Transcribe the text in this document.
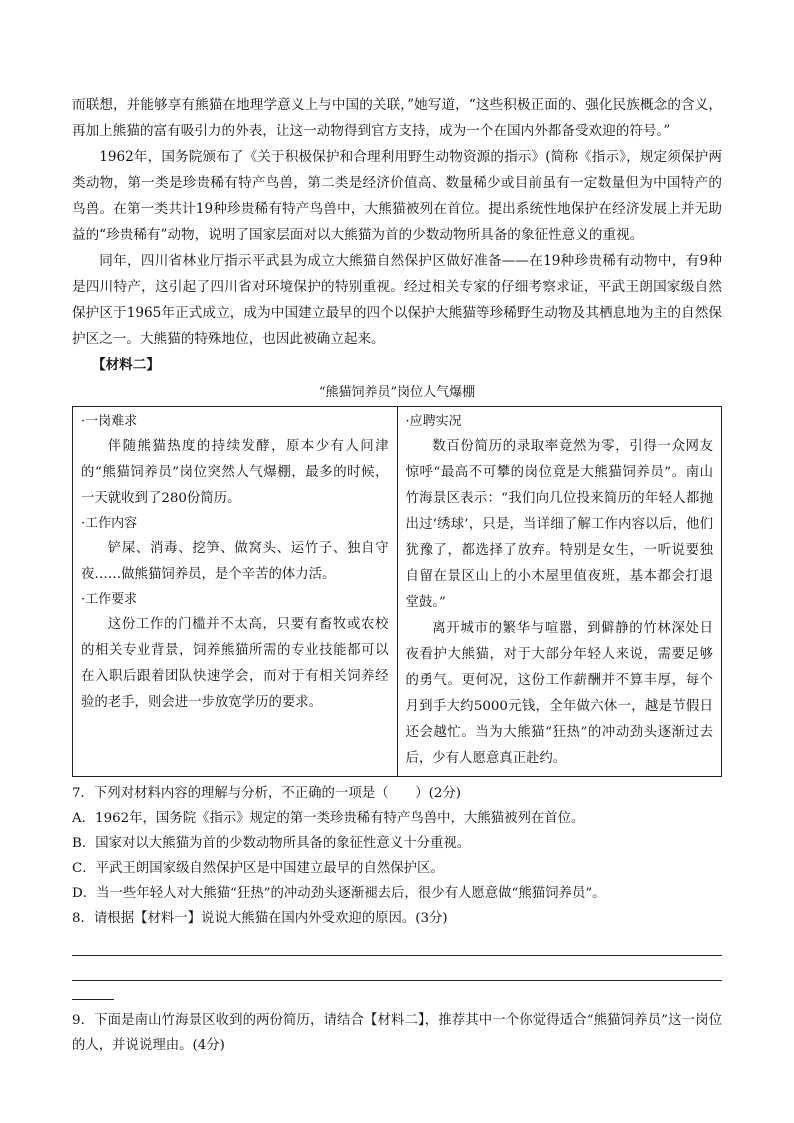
而联想，并能够享有熊猫在地理学意义上与中国的关联，”她写道，“这些积极正面的、强化民族概念的含义，再加上熊猫的富有吸引力的外表，让这一动物得到官方支持，成为一个在国内外都备受欢迎的符号。”

1962年，国务院颁布了《关于积极保护和合理利用野生动物资源的指示》(简称《指示》，规定须保护两类动物，第一类是珍贵稀有特产鸟兽，第二类是经济价值高、数量稀少或目前虽有一定数量但为中国特产的鸟兽。在第一类共计19种珍贵稀有特产鸟兽中，大熊猫被列在首位。提出系统性地保护在经济发展上并无助益的“珍贵稀有”动物，说明了国家层面对以大熊猫为首的少数动物所具备的象征性意义的重视。

同年，四川省林业厅指示平武县为成立大熊猫自然保护区做好准备——在19种珍贵稀有动物中，有9种是四川特产，这引起了四川省对环境保护的特别重视。经过相关专家的仔细考察求证，平武王朗国家级自然保护区于1965年正式成立，成为中国建立最早的四个以保护大熊猫等珍稀野生动物及其栖息地为主的自然保护区之一。大熊猫的特殊地位，也因此被确立起来。

【材料二】
“熊猫饲养员”岗位人气爆棚
·一岗难求

伴随熊猫热度的持续发酵，原本少有人问津的“熊猫饲养员”岗位突然人气爆棚，最多的时候，一天就收到了280份简历。

·工作内容

铲屎、消毒、挖笋、做窝头、运竹子、独自守夜……做熊猫饲养员，是个辛苦的体力活。

·工作要求

这份工作的门槛并不太高，只要有畜牧或农校的相关专业背景，饲养熊猫所需的专业技能都可以在入职后跟着团队快速学会，而对于有相关饲养经验的老手，则会进一步放宽学历的要求。

·应聘实况

数百份简历的录取率竟然为零，引得一众网友惊呼“最高不可攀的岗位竟是大熊猫饲养员”。南山竹海景区表示：“我们向几位投来简历的年轻人都抛出过‘绣球’，只是，当详细了解工作内容以后，他们犹豫了，都选择了放弃。特别是女生，一听说要独自留在景区山上的小木屋里值夜班，基本都会打退堂鼓。”

离开城市的繁华与喧嚣，到僻静的竹林深处日夜看护大熊猫，对于大部分年轻人来说，需要足够的勇气。更何况，这份工作薪酬并不算丰厚，每个月到手大约5000元钱，全年做六休一，越是节假日还会越忙。当为大熊猫“狂热”的冲动劲头逐渐过去后，少有人愿意真正赴约。

7．下列对材料内容的理解与分析，不正确的一项是（　　）(2分)

A．1962年，国务院《指示》规定的第一类珍贵稀有特产鸟兽中，大熊猫被列在首位。

B．国家对以大熊猫为首的少数动物所具备的象征性意义十分重视。

C．平武王朗国家级自然保护区是中国建立最早的自然保护区。

D．当一些年轻人对大熊猫“狂热”的冲动劲头逐渐褪去后，很少有人愿意做“熊猫饲养员”。

8．请根据【材料一】说说大熊猫在国内外受欢迎的原因。(3分)

9．下面是南山竹海景区收到的两份简历，请结合【材料二】，推荐其中一个你觉得适合“熊猫饲养员”这一岗位的人，并说说理由。(4分)
